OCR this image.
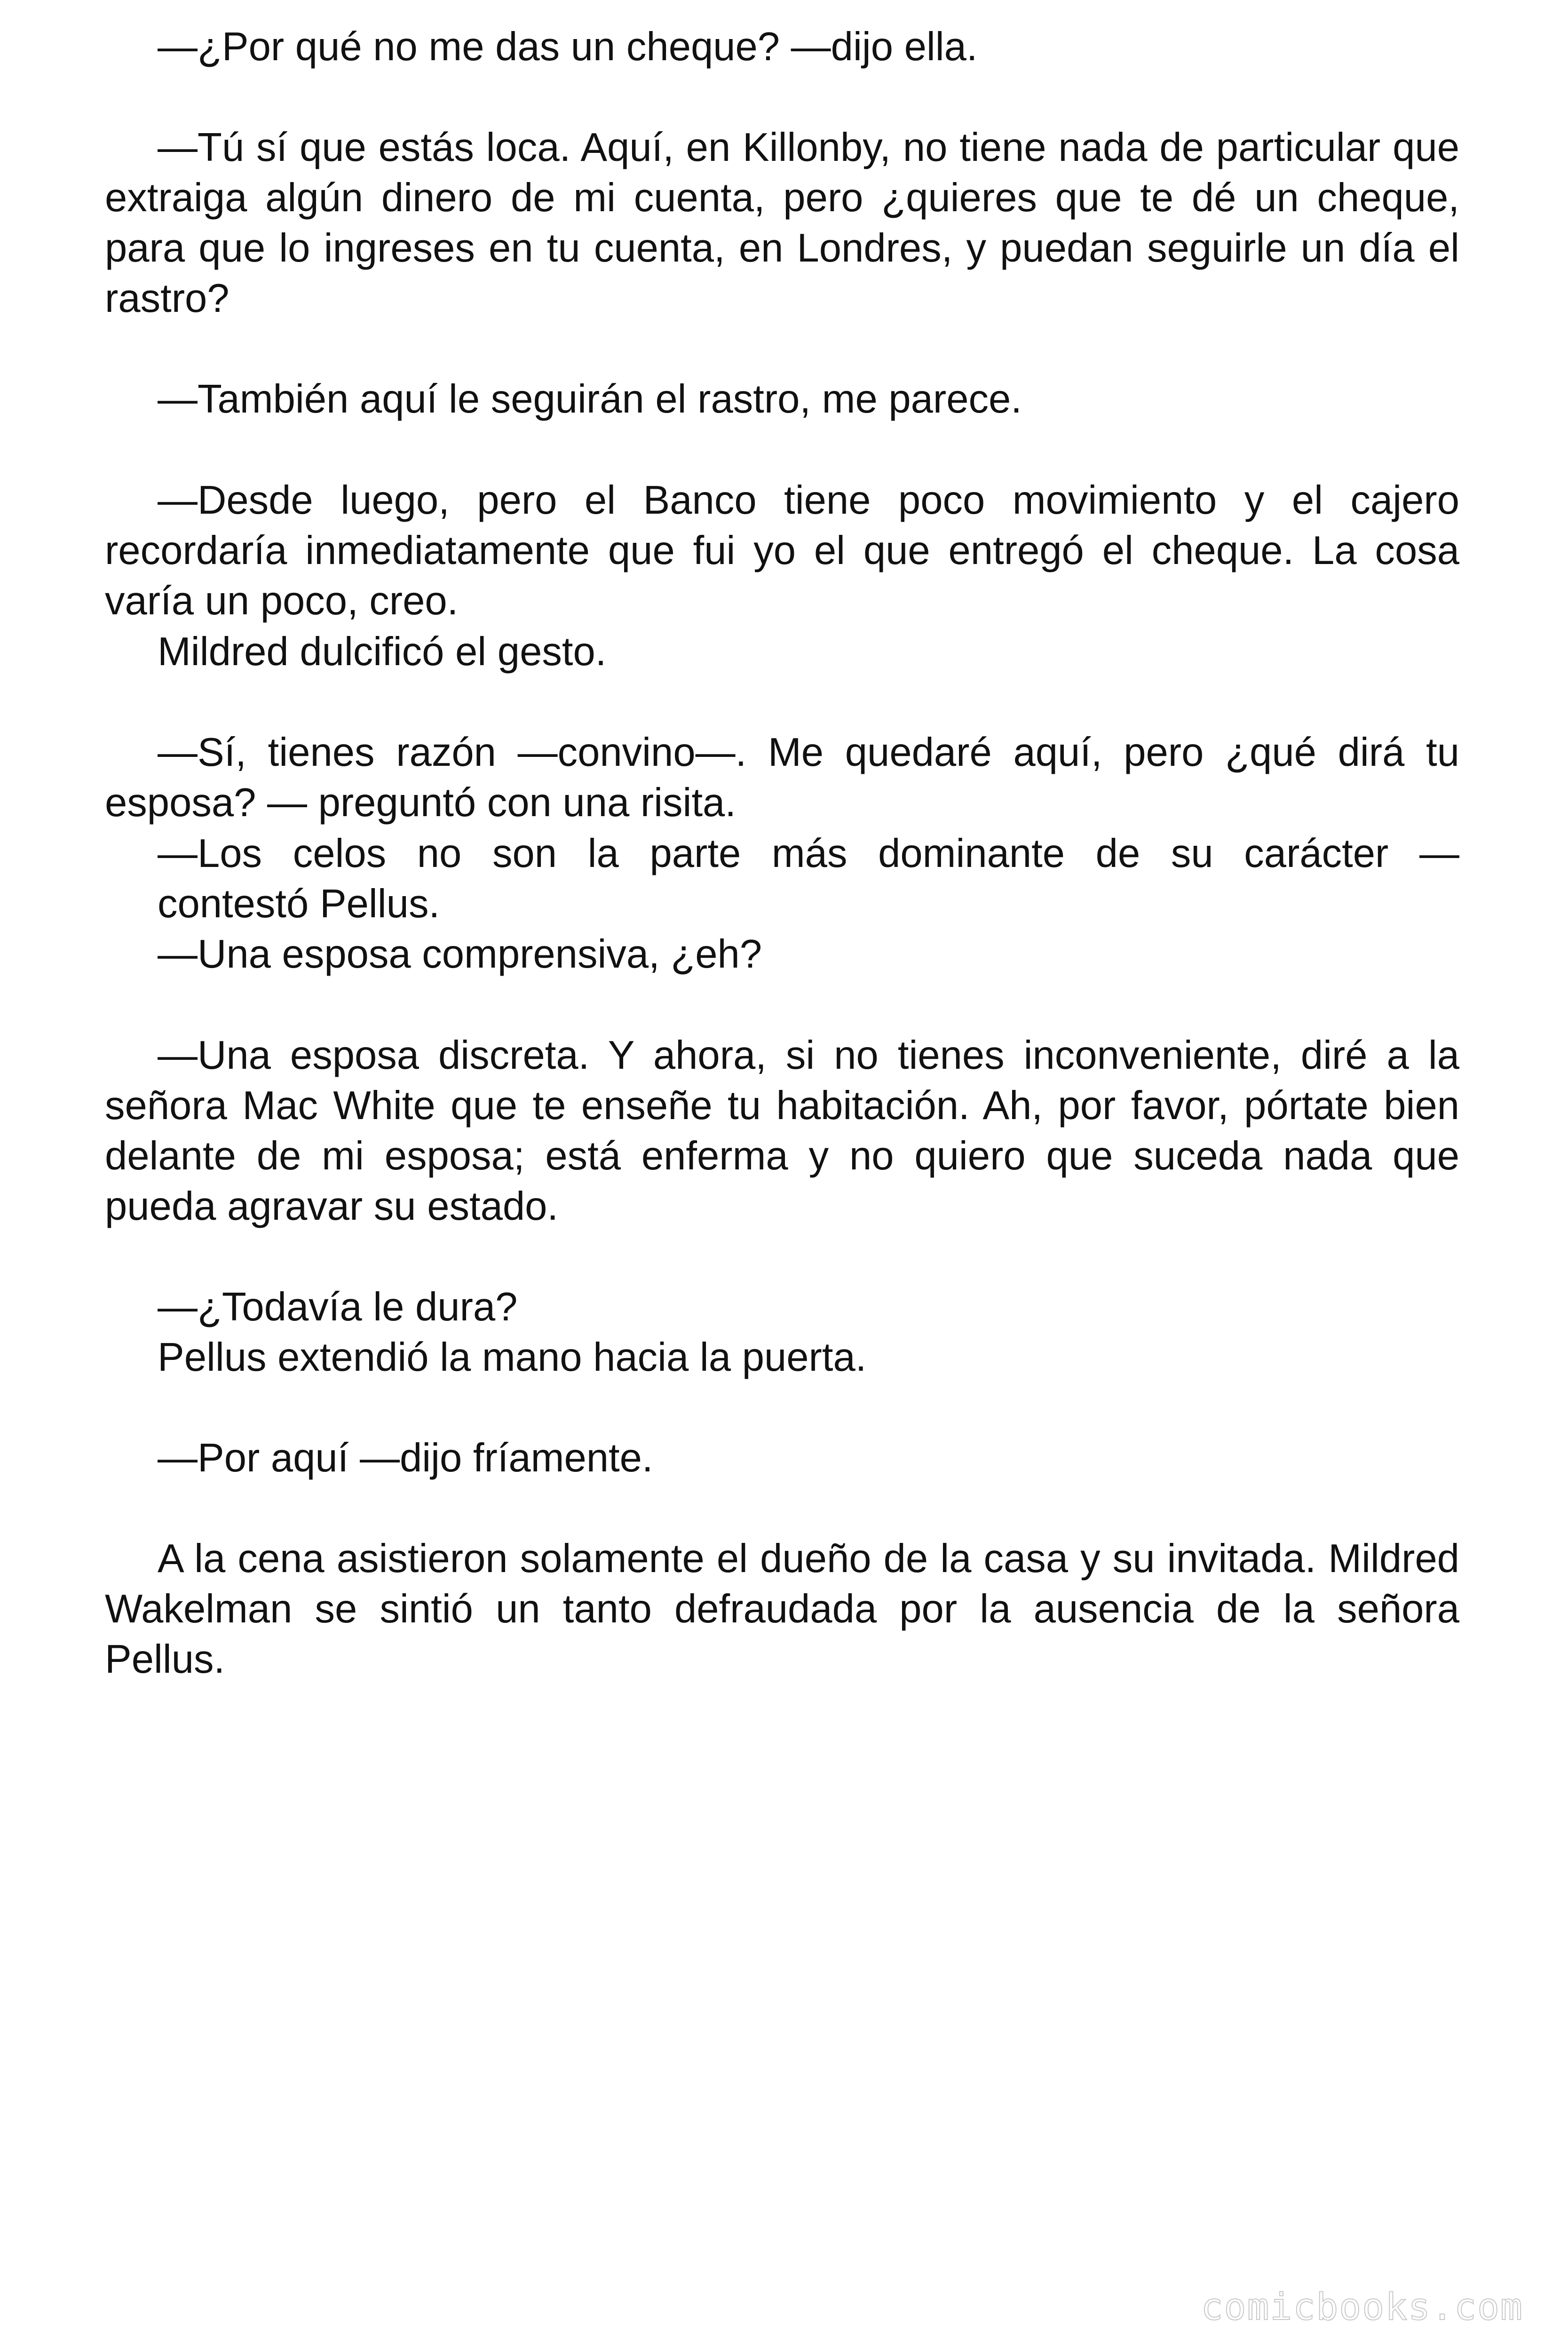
—¿Por qué no me das un cheque? —dijo ella.

—Tú sí que estás loca. Aquí, en Killonby, no tiene nada de particular que extraiga algún dinero de mi cuenta, pero ¿quieres que te dé un cheque, para que lo ingreses en tu cuenta, en Londres, y puedan seguirle un día el rastro?

—También aquí le seguirán el rastro, me parece.

—Desde luego, pero el Banco tiene poco movimiento y el cajero recordaría inmediatamente que fui yo el que entregó el cheque. La cosa varía un poco, creo.

Mildred dulcificó el gesto.

—Sí, tienes razón —convino—. Me quedaré aquí, pero ¿qué dirá tu esposa? — preguntó con una risita.

—Los celos no son la parte más dominante de su carácter —

contestó Pellus.

—Una esposa comprensiva, ¿eh?

—Una esposa discreta. Y ahora, si no tienes inconveniente, diré a la señora Mac White que te enseñe tu habitación. Ah, por favor, pórtate bien delante de mi esposa; está enferma y no quiero que suceda nada que pueda agravar su estado.

—¿Todavía le dura?

Pellus extendió la mano hacia la puerta.

—Por aquí —dijo fríamente.

A la cena asistieron solamente el dueño de la casa y su invitada. Mildred Wakelman se sintió un tanto defraudada por la ausencia de la señora Pellus.

comicbooks.com
